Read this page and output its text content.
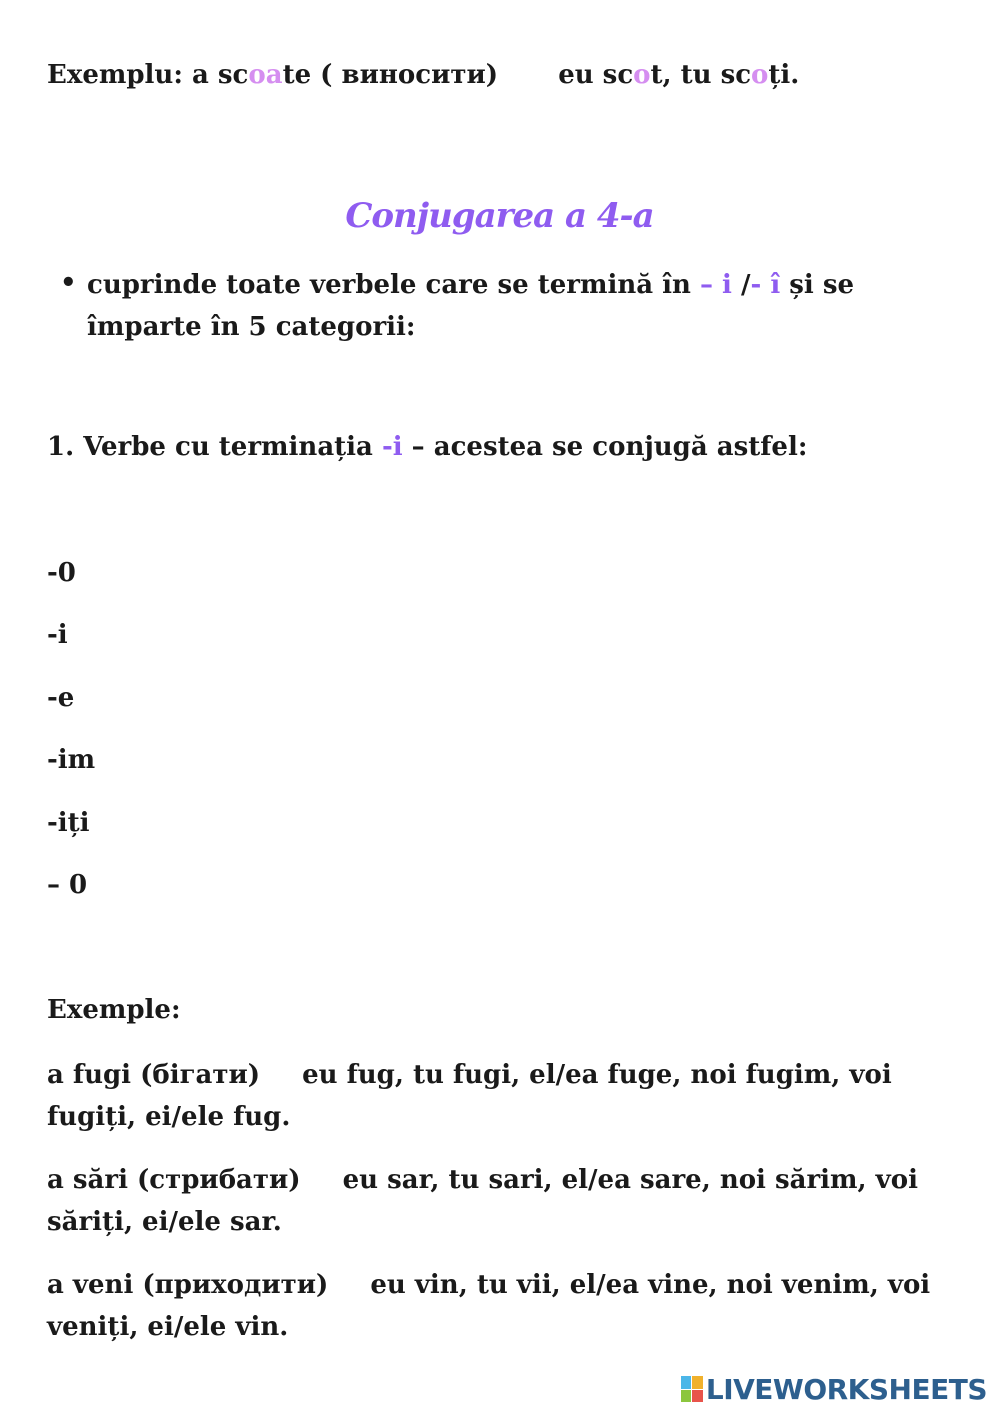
Exemplu: a scoate ( виносити) eu scot, tu scoți.
Conjugarea a 4-a
• cuprinde toate verbele care se termină în – i /- î și se împarte în 5 categorii:
1. Verbe cu terminația -i – acestea se conjugă astfel:
-0
-i
-e
-im
-iți
– 0
Exemple:
a fugi (бігати) eu fug, tu fugi, el/ea fuge, noi fugim, voi
fugiți, ei/ele fug.
a sări (стрибати) eu sar, tu sari, el/ea sare, noi sărim, voi
săriți, ei/ele sar.
a veni (приходити) eu vin, tu vii, el/ea vine, noi venim, voi
veniți, ei/ele vin.
LIVEWORKSHEETS
